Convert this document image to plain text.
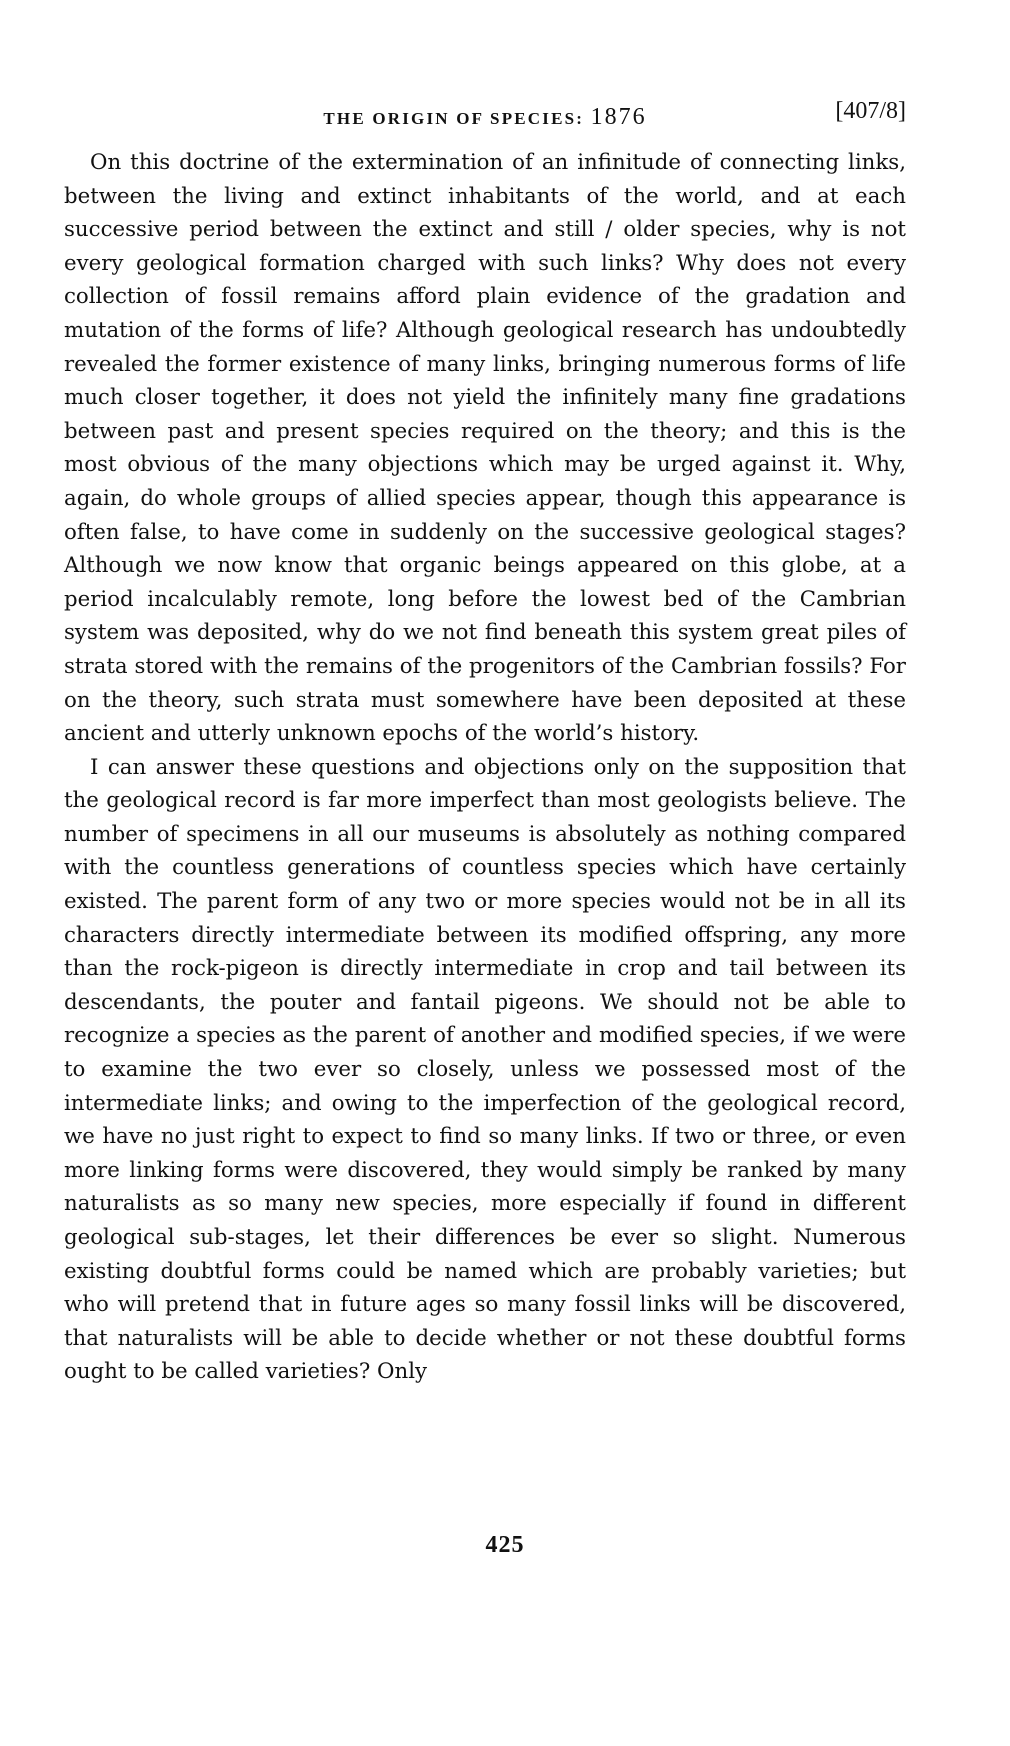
THE ORIGIN OF SPECIES: 1876	[407/8]

On this doctrine of the extermination of an infinitude of connecting links, between the living and extinct inhabitants of the world, and at each successive period between the extinct and still / older species, why is not every geological formation charged with such links? Why does not every collection of fossil remains afford plain evidence of the gradation and mutation of the forms of life? Although geological research has undoubtedly revealed the former existence of many links, bringing numerous forms of life much closer together, it does not yield the infinitely many fine gradations between past and present species required on the theory; and this is the most obvious of the many objections which may be urged against it. Why, again, do whole groups of allied species appear, though this appearance is often false, to have come in suddenly on the successive geological stages? Although we now know that organic beings appeared on this globe, at a period incalculably remote, long before the lowest bed of the Cambrian system was deposited, why do we not find beneath this system great piles of strata stored with the remains of the progenitors of the Cambrian fossils? For on the theory, such strata must somewhere have been deposited at these ancient and utterly unknown epochs of the world’s history.

I can answer these questions and objections only on the supposition that the geological record is far more imperfect than most geologists believe. The number of specimens in all our museums is absolutely as nothing compared with the countless generations of countless species which have certainly existed. The parent form of any two or more species would not be in all its characters directly intermediate between its modified offspring, any more than the rock-pigeon is directly intermediate in crop and tail between its descendants, the pouter and fantail pigeons. We should not be able to recognize a species as the parent of another and modified species, if we were to examine the two ever so closely, unless we possessed most of the intermediate links; and owing to the imperfection of the geological record, we have no just right to expect to find so many links. If two or three, or even more linking forms were discovered, they would simply be ranked by many naturalists as so many new species, more especially if found in different geological sub-stages, let their differences be ever so slight. Numerous existing doubtful forms could be named which are probably varieties; but who will pretend that in future ages so many fossil links will be discovered, that naturalists will be able to decide whether or not these doubtful forms ought to be called varieties? Only

425
